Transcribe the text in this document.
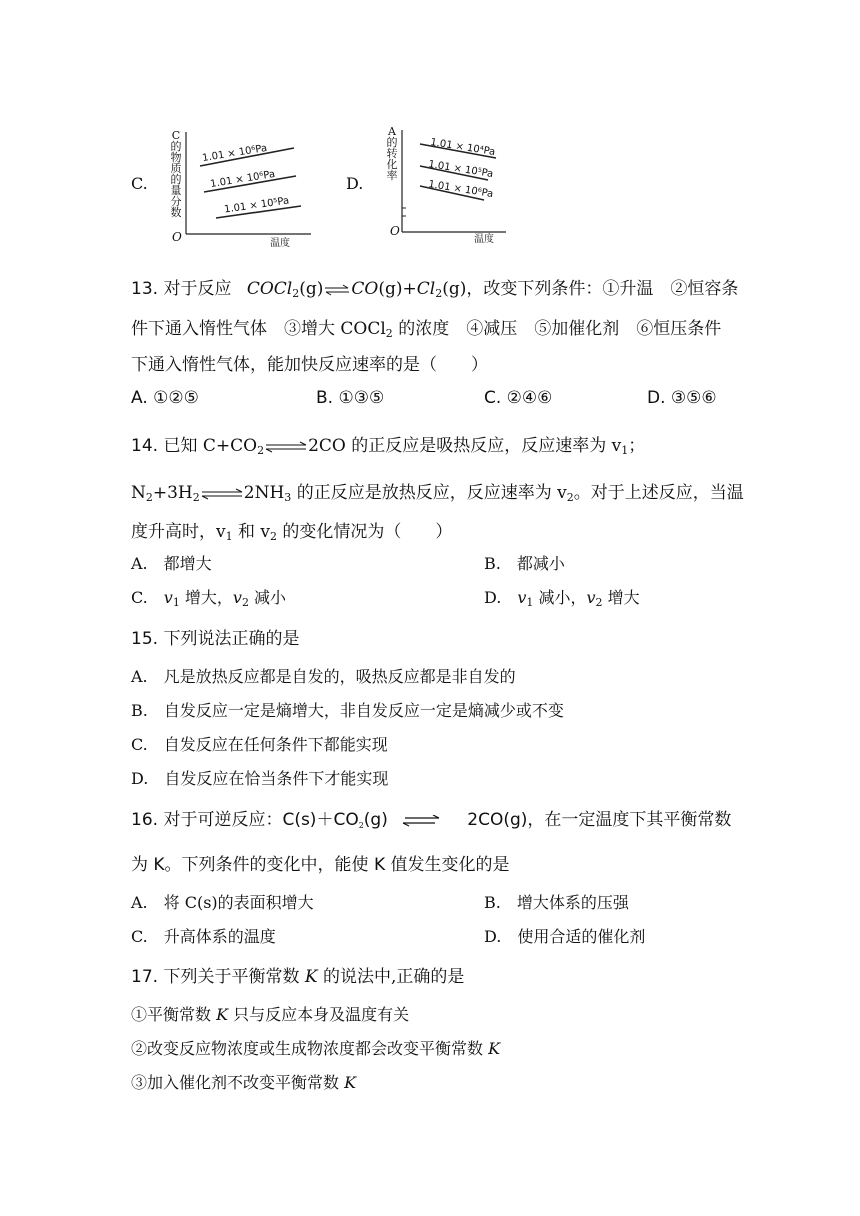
C.
C的物质的量分数
1.01 × 10⁶Pa
1.01 × 10⁶Pa
1.01 × 10⁵Pa
O	温度
D.
A的转化率
1.01 × 10⁴Pa
1.01 × 10⁵Pa
1.01 × 10⁶Pa
O
温度
13. 对于反应 $COCl_2(g)\rightleftharpoons CO(g)+Cl_2(g)$，改变下列条件：①升温　②恒容条
件下通入惰性气体　③增大 COCl$_2$ 的浓度　④减压　⑤加催化剂　⑥恒压条件
下通入惰性气体，能加快反应速率的是（　　）
A. ①②⑤	B. ①③⑤	C. ②④⑥	D. ③⑤⑥
14. 已知 $C+CO_2\rightleftharpoons 2CO$ 的正反应是吸热反应，反应速率为 $v_1$；
$N_2+3H_2\rightleftharpoons 2NH_3$ 的正反应是放热反应，反应速率为 $v_2$。对于上述反应，当温
度升高时，$v_1$ 和 $v_2$ 的变化情况为（　　）
A.　都增大	B.　都减小
C.　$v_1$ 增大，$v_2$ 减小	D.　$v_1$ 减小，$v_2$ 增大
15. 下列说法正确的是
A.　凡是放热反应都是自发的，吸热反应都是非自发的
B.　自发反应一定是熵增大，非自发反应一定是熵减少或不变
C.　自发反应在任何条件下都能实现
D.　自发反应在恰当条件下才能实现
16. 对于可逆反应：$C(s)+CO_2(g)$ ⇌ 2CO(g)，在一定温度下其平衡常数
为 K。下列条件的变化中，能使 K 值发生变化的是
A.　将 C(s)的表面积增大	B.　增大体系的压强
C.　升高体系的温度	D.　使用合适的催化剂
17. 下列关于平衡常数 K 的说法中,正确的是
①平衡常数 K 只与反应本身及温度有关
②改变反应物浓度或生成物浓度都会改变平衡常数 K
③加入催化剂不改变平衡常数 K
